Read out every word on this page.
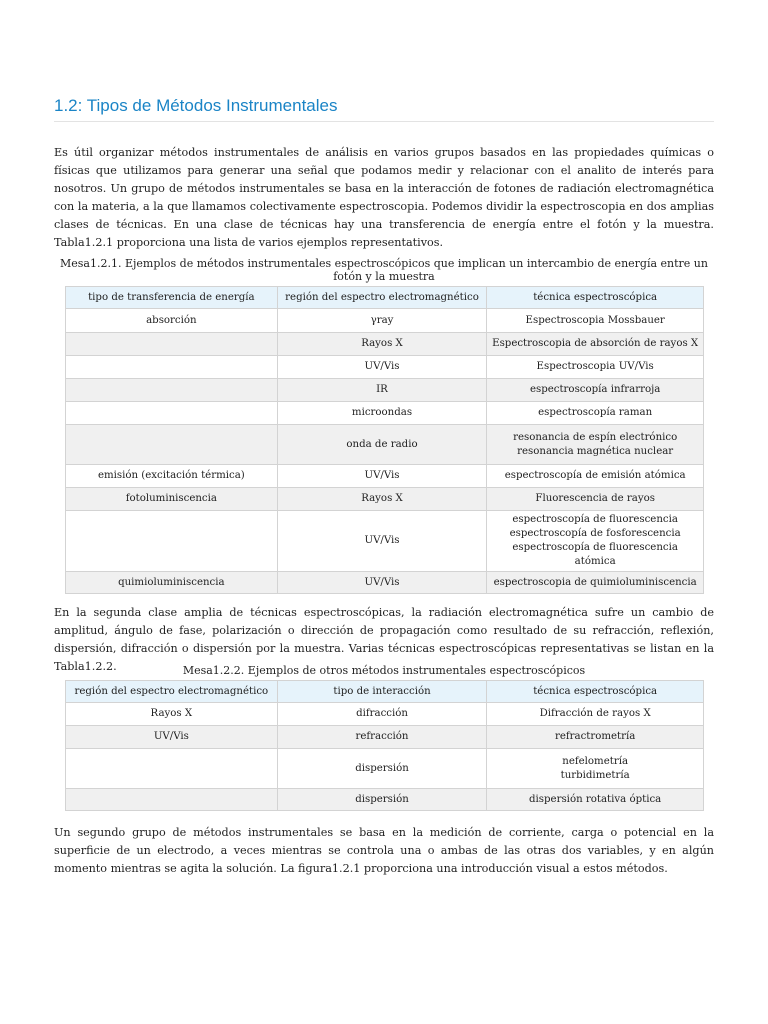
1.2: Tipos de Métodos Instrumentales

Es útil organizar métodos instrumentales de análisis en varios grupos basados en las propiedades químicas o físicas que utilizamos para generar una señal que podamos medir y relacionar con el analito de interés para nosotros. Un grupo de métodos instrumentales se basa en la interacción de fotones de radiación electromagnética con la materia, a la que llamamos colectivamente espectroscopia. Podemos dividir la espectroscopia en dos amplias clases de técnicas. En una clase de técnicas hay una transferencia de energía entre el fotón y la muestra. Tabla1.2.1 proporciona una lista de varios ejemplos representativos.

Mesa1.2.1. Ejemplos de métodos instrumentales espectroscópicos que implican un intercambio de energía entre un fotón y la muestra
tipo de transferencia de energía	región del espectro electromagnético	técnica espectroscópica
absorción	γray	Espectroscopia Mossbauer
	Rayos X	Espectroscopia de absorción de rayos X
	UV/Vis	Espectroscopia UV/Vis
	IR	espectroscopía infrarroja
	microondas	espectroscopía raman
	onda de radio	resonancia de espín electrónico
resonancia magnética nuclear

emisión (excitación térmica)	UV/Vis	espectroscopía de emisión atómica
fotoluminiscencia	Rayos X	Fluorescencia de rayos
	UV/Vis	espectroscopía de fluorescencia
espectroscopía de fosforescencia
espectroscopía de fluorescencia atómica

quimioluminiscencia	UV/Vis	espectroscopia de quimioluminiscencia

En la segunda clase amplia de técnicas espectroscópicas, la radiación electromagnética sufre un cambio de amplitud, ángulo de fase, polarización o dirección de propagación como resultado de su refracción, reflexión, dispersión, difracción o dispersión por la muestra. Varias técnicas espectroscópicas representativas se listan en la Tabla1.2.2.	Mesa1.2.2. Ejemplos de otros métodos instrumentales espectroscópicos
región del espectro electromagnético	tipo de interacción	técnica espectroscópica
Rayos X	difracción	Difracción de rayos X
UV/Vis	refracción	refractrometría
	dispersión	nefelometría
turbidimetría

	dispersión	dispersión rotativa óptica

Un segundo grupo de métodos instrumentales se basa en la medición de corriente, carga o potencial en la superficie de un electrodo, a veces mientras se controla una o ambas de las otras dos variables, y en algún momento mientras se agita la solución. La figura1.2.1 proporciona una introducción visual a estos métodos.
